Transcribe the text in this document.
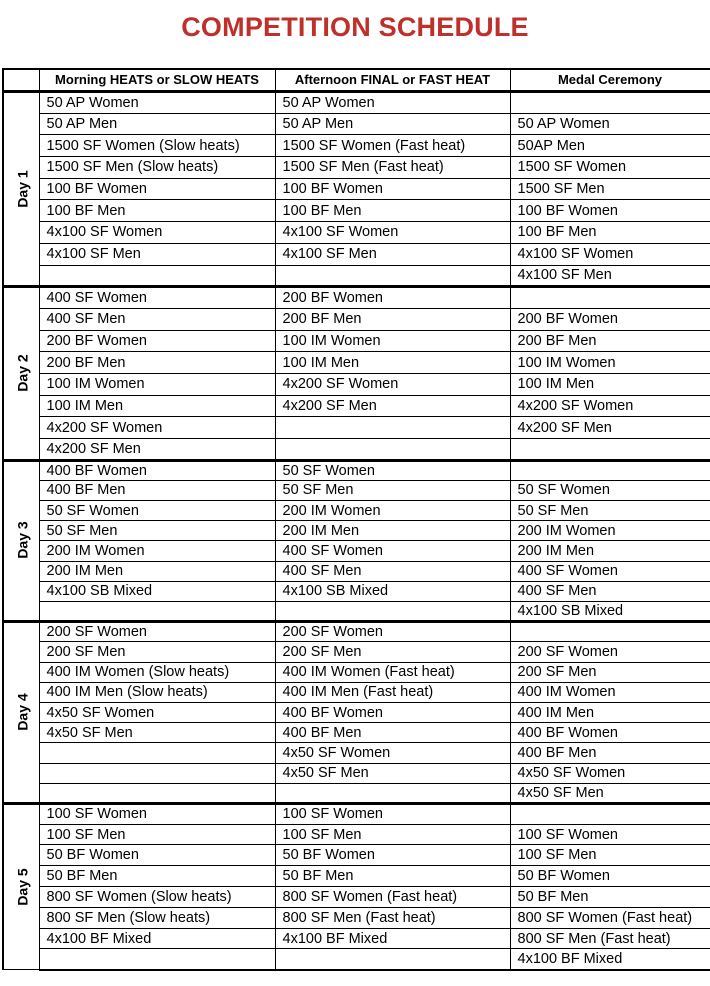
COMPETITION SCHEDULE
	Morning HEATS or SLOW HEATS	Afternoon FINAL or FAST HEAT	Medal Ceremony
Day 1	50 AP Women	50 AP Women	
	50 AP Men	50 AP Men	50 AP Women
	1500 SF Women (Slow heats)	1500 SF Women (Fast heat)	50AP Men
	1500 SF Men (Slow heats)	1500 SF Men (Fast heat)	1500 SF Women
	100 BF Women	100 BF Women	1500 SF Men
	100 BF Men	100 BF Men	100 BF Women
	4x100 SF Women	4x100 SF Women	100 BF Men
	4x100 SF Men	4x100 SF Men	4x100 SF Women
			4x100 SF Men
Day 2	400 SF Women	200 BF Women	
	400 SF Men	200 BF Men	200 BF Women
	200 BF Women	100 IM Women	200 BF Men
	200 BF Men	100 IM Men	100 IM Women
	100 IM Women	4x200 SF Women	100 IM Men
	100 IM Men	4x200 SF Men	4x200 SF Women
	4x200 SF Women		4x200 SF Men
	4x200 SF Men		
Day 3	400 BF Women	50 SF Women	
	400 BF Men	50 SF Men	50 SF Women
	50 SF Women	200 IM Women	50 SF Men
	50 SF Men	200 IM Men	200 IM Women
	200 IM Women	400 SF Women	200 IM Men
	200 IM Men	400 SF Men	400 SF Women
	4x100 SB Mixed	4x100 SB Mixed	400 SF Men
			4x100 SB Mixed
Day 4	200 SF Women	200 SF Women	
	200 SF Men	200 SF Men	200 SF Women
	400 IM Women (Slow heats)	400 IM Women (Fast heat)	200 SF Men
	400 IM Men (Slow heats)	400 IM Men (Fast heat)	400 IM Women
	4x50 SF Women	400 BF Women	400 IM Men
	4x50 SF Men	400 BF Men	400 BF Women
		4x50 SF Women	400 BF Men
		4x50 SF Men	4x50 SF Women
			4x50 SF Men
Day 5	100 SF Women	100 SF Women	
	100 SF Men	100 SF Men	100 SF Women
	50 BF Women	50 BF Women	100 SF Men
	50 BF Men	50 BF Men	50 BF Women
	800 SF Women (Slow heats)	800 SF Women (Fast heat)	50 BF Men
	800 SF Men (Slow heats)	800 SF Men (Fast heat)	800 SF Women (Fast heat)
	4x100 BF Mixed	4x100 BF Mixed	800 SF Men (Fast heat)
			4x100 BF Mixed
